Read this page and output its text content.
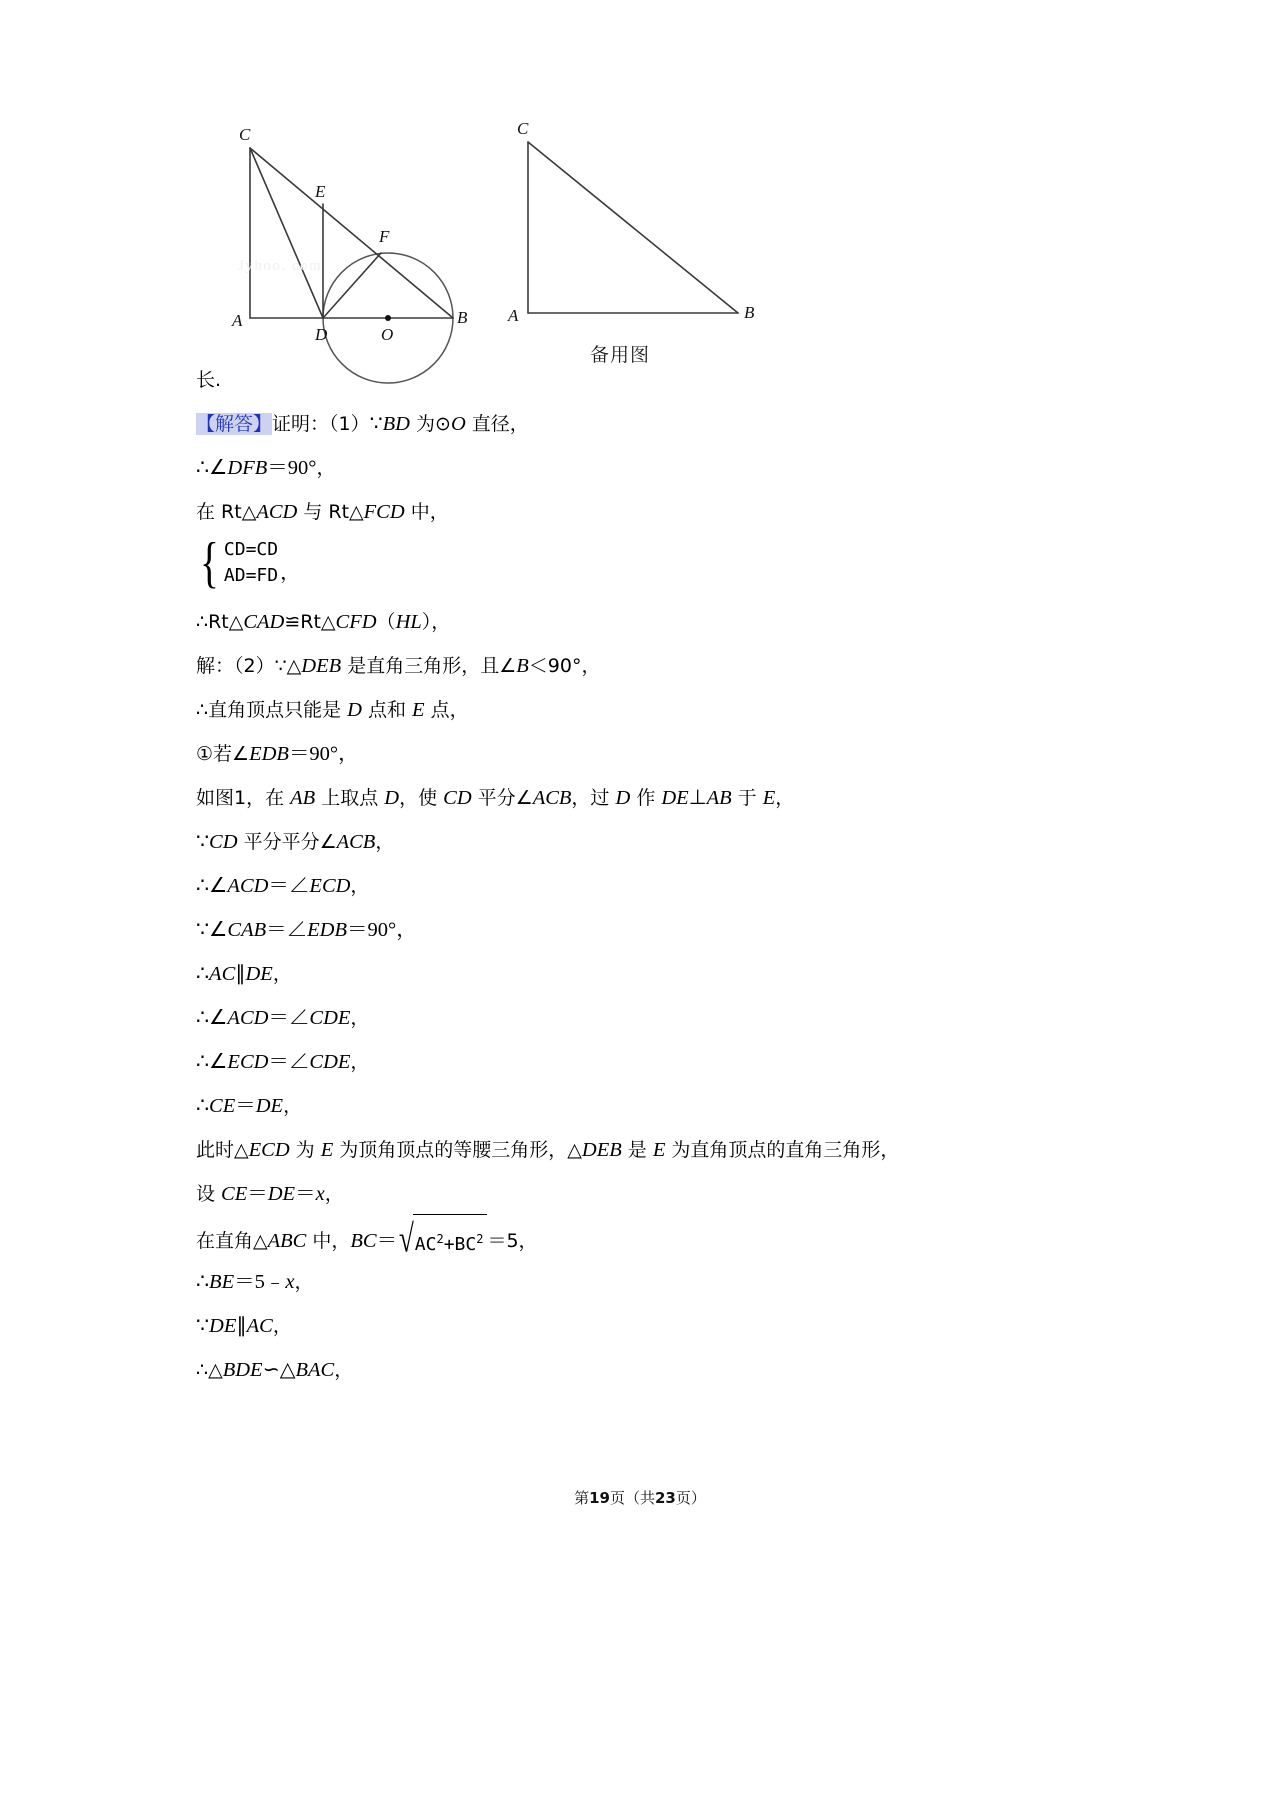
A	B
C
D
E
F
O
A	B
C
Jyhoo. com
备用图
长.
【解答】证明：（1）∵BD 为⊙O 直径，
∴∠DFB＝90°，
在 Rt△ACD 与 Rt△FCD 中，
{ CD=CD
AD=FD ，
∴Rt△CAD≌Rt△CFD（HL），
解：（2）∵△DEB 是直角三角形，且∠B＜90°，
∴直角顶点只能是 D 点和 E 点，
①若∠EDB＝90°，
如图1，在 AB 上取点 D，使 CD 平分∠ACB，过 D 作 DE⊥AB 于 E，
∵CD 平分平分∠ACB，
∴∠ACD＝∠ECD，
∵∠CAB＝∠EDB＝90°，
∴AC∥DE，
∴∠ACD＝∠CDE，
∴∠ECD＝∠CDE，
∴CE＝DE，
此时△ECD 为 E 为顶角顶点的等腰三角形，△DEB 是 E 为直角顶点的直角三角形，
设 CE＝DE＝x，
在直角△ABC 中，$BC=√AC^2+BC^2 =5$，
∴BE＝5﹣x，
∵DE∥AC，
∴△BDE∽△BAC，
第19页（共23页）
